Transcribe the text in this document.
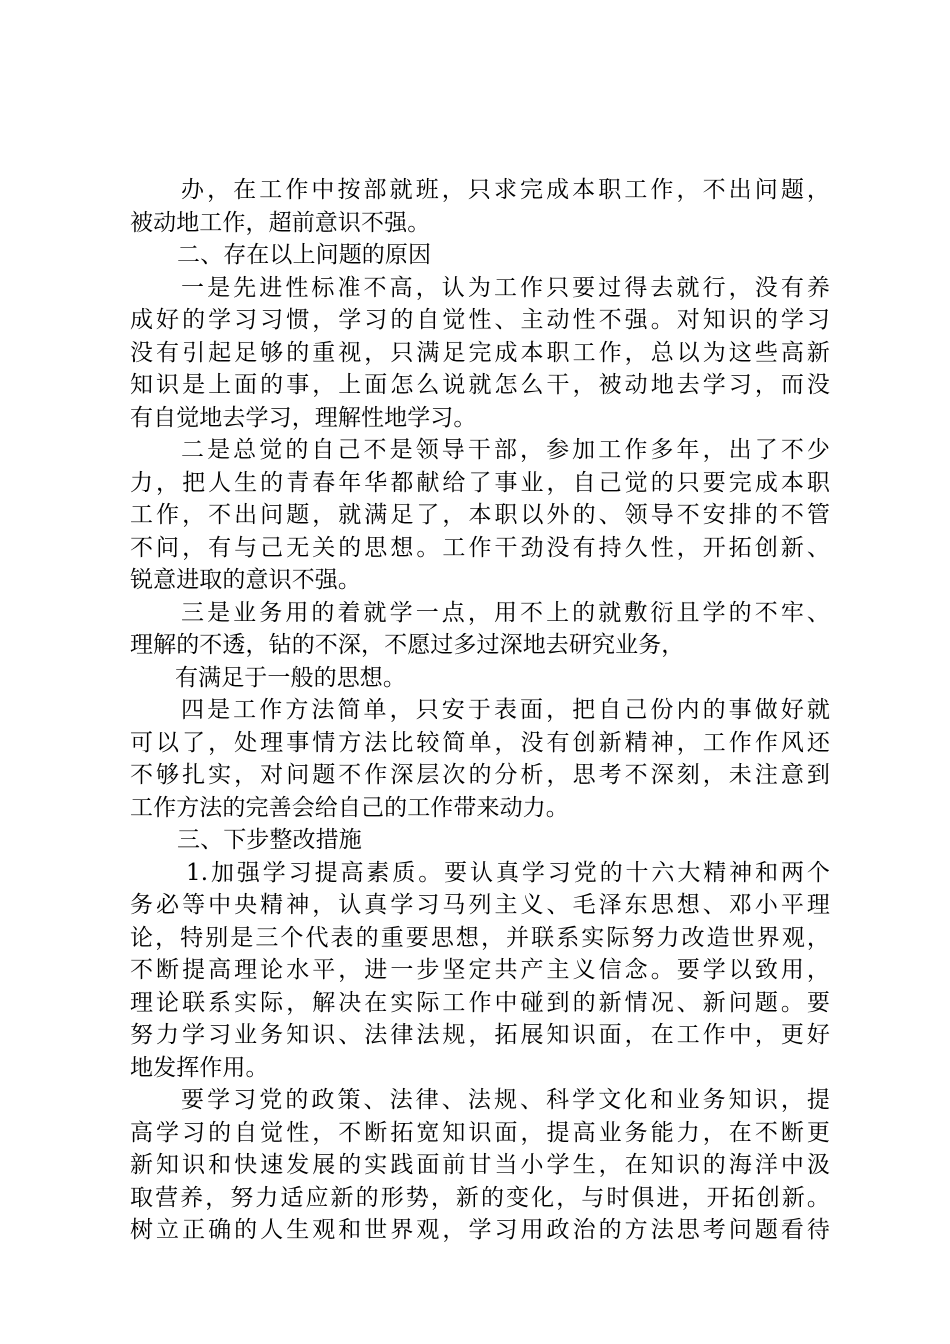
办，在工作中按部就班，只求完成本职工作，不出问题，
被动地工作，超前意识不强。
二、存在以上问题的原因
一是先进性标准不高，认为工作只要过得去就行，没有养
成好的学习习惯，学习的自觉性、主动性不强。对知识的学习
没有引起足够的重视，只满足完成本职工作，总以为这些高新
知识是上面的事，上面怎么说就怎么干，被动地去学习，而没
有自觉地去学习，理解性地学习。
二是总觉的自己不是领导干部，参加工作多年，出了不少
力，把人生的青春年华都献给了事业，自己觉的只要完成本职
工作，不出问题，就满足了，本职以外的、领导不安排的不管
不问，有与己无关的思想。工作干劲没有持久性，开拓创新、
锐意进取的意识不强。
三是业务用的着就学一点，用不上的就敷衍且学的不牢、
理解的不透，钻的不深，不愿过多过深地去研究业务，
有满足于一般的思想。
四是工作方法简单，只安于表面，把自己份内的事做好就
可以了，处理事情方法比较简单，没有创新精神，工作作风还
不够扎实，对问题不作深层次的分析，思考不深刻，未注意到
工作方法的完善会给自己的工作带来动力。
三、下步整改措施
1.加强学习提高素质。要认真学习党的十六大精神和两个
务必等中央精神，认真学习马列主义、毛泽东思想、邓小平理
论，特别是三个代表的重要思想，并联系实际努力改造世界观，
不断提高理论水平，进一步坚定共产主义信念。要学以致用，
理论联系实际，解决在实际工作中碰到的新情况、新问题。要
努力学习业务知识、法律法规，拓展知识面，在工作中，更好
地发挥作用。
要学习党的政策、法律、法规、科学文化和业务知识，提
高学习的自觉性，不断拓宽知识面，提高业务能力，在不断更
新知识和快速发展的实践面前甘当小学生，在知识的海洋中汲
取营养，努力适应新的形势，新的变化，与时俱进，开拓创新。
树立正确的人生观和世界观，学习用政治的方法思考问题看待
